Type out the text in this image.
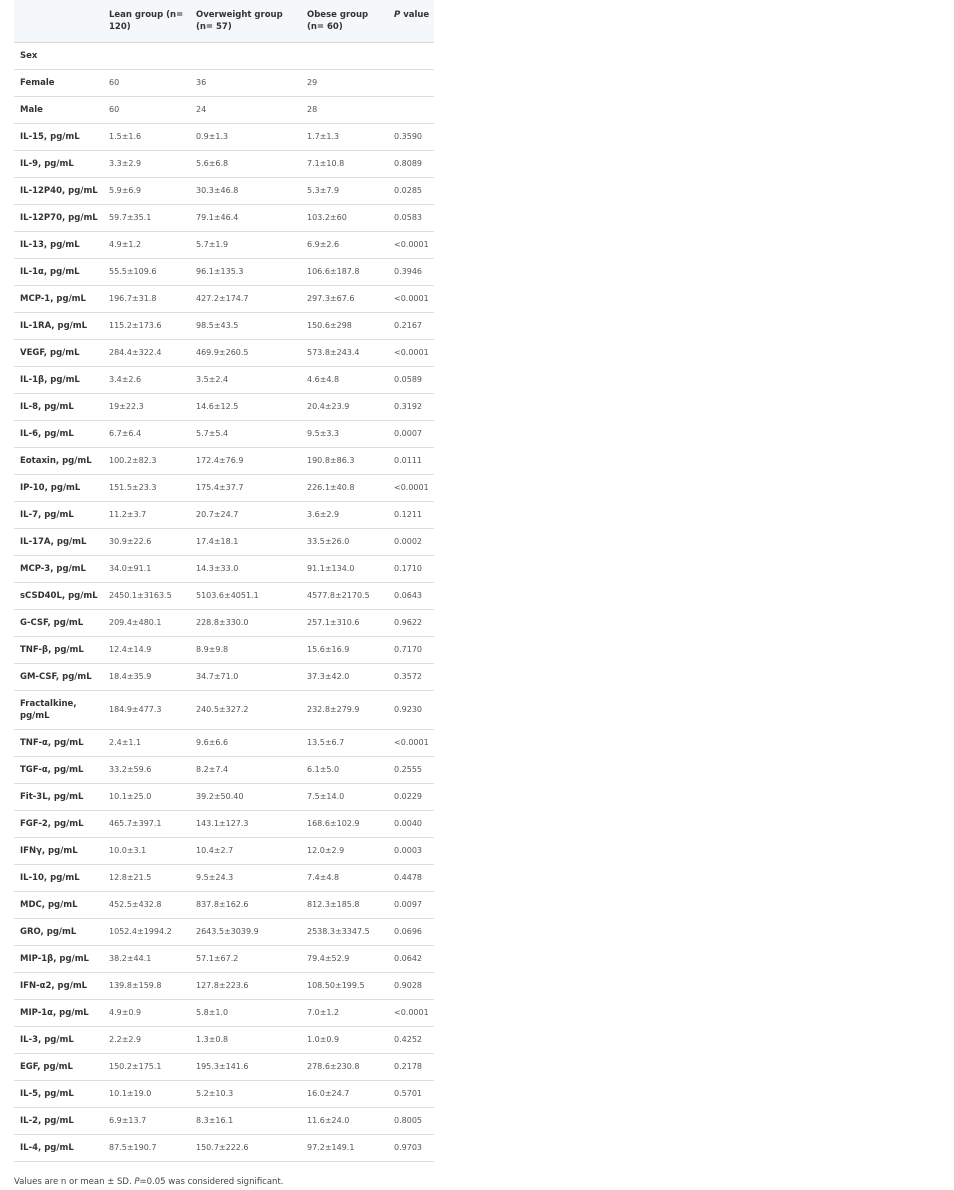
	Lean group (n= 120)	Overweight group (n= 57)	Obese group (n= 60)	P value
Sex				
Female	60	36	29	
Male	60	24	28	
IL-15, pg/mL	1.5±1.6	0.9±1.3	1.7±1.3	0.3590
IL-9, pg/mL	3.3±2.9	5.6±6.8	7.1±10.8	0.8089
IL-12P40, pg/mL	5.9±6.9	30.3±46.8	5.3±7.9	0.0285
IL-12P70, pg/mL	59.7±35.1	79.1±46.4	103.2±60	0.0583
IL-13, pg/mL	4.9±1.2	5.7±1.9	6.9±2.6	<0.0001
IL-1α, pg/mL	55.5±109.6	96.1±135.3	106.6±187.8	0.3946
MCP-1, pg/mL	196.7±31.8	427.2±174.7	297.3±67.6	<0.0001
IL-1RA, pg/mL	115.2±173.6	98.5±43.5	150.6±298	0.2167
VEGF, pg/mL	284.4±322.4	469.9±260.5	573.8±243.4	<0.0001
IL-1β, pg/mL	3.4±2.6	3.5±2.4	4.6±4.8	0.0589
IL-8, pg/mL	19±22.3	14.6±12.5	20.4±23.9	0.3192
IL-6, pg/mL	6.7±6.4	5.7±5.4	9.5±3.3	0.0007
Eotaxin, pg/mL	100.2±82.3	172.4±76.9	190.8±86.3	0.0111
IP-10, pg/mL	151.5±23.3	175.4±37.7	226.1±40.8	<0.0001
IL-7, pg/mL	11.2±3.7	20.7±24.7	3.6±2.9	0.1211
IL-17A, pg/mL	30.9±22.6	17.4±18.1	33.5±26.0	0.0002
MCP-3, pg/mL	34.0±91.1	14.3±33.0	91.1±134.0	0.1710
sCSD40L, pg/mL	2450.1±3163.5	5103.6±4051.1	4577.8±2170.5	0.0643
G-CSF, pg/mL	209.4±480.1	228.8±330.0	257.1±310.6	0.9622
TNF-β, pg/mL	12.4±14.9	8.9±9.8	15.6±16.9	0.7170
GM-CSF, pg/mL	18.4±35.9	34.7±71.0	37.3±42.0	0.3572
Fractalkine, pg/mL	184.9±477.3	240.5±327.2	232.8±279.9	0.9230
TNF-α, pg/mL	2.4±1.1	9.6±6.6	13.5±6.7	<0.0001
TGF-α, pg/mL	33.2±59.6	8.2±7.4	6.1±5.0	0.2555
Fit-3L, pg/mL	10.1±25.0	39.2±50.40	7.5±14.0	0.0229
FGF-2, pg/mL	465.7±397.1	143.1±127.3	168.6±102.9	0.0040
IFNγ, pg/mL	10.0±3.1	10.4±2.7	12.0±2.9	0.0003
IL-10, pg/mL	12.8±21.5	9.5±24.3	7.4±4.8	0.4478
MDC, pg/mL	452.5±432.8	837.8±162.6	812.3±185.8	0.0097
GRO, pg/mL	1052.4±1994.2	2643.5±3039.9	2538.3±3347.5	0.0696
MIP-1β, pg/mL	38.2±44.1	57.1±67.2	79.4±52.9	0.0642
IFN-α2, pg/mL	139.8±159.8	127.8±223.6	108.50±199.5	0.9028
MIP-1α, pg/mL	4.9±0.9	5.8±1.0	7.0±1.2	<0.0001
IL-3, pg/mL	2.2±2.9	1.3±0.8	1.0±0.9	0.4252
EGF, pg/mL	150.2±175.1	195.3±141.6	278.6±230.8	0.2178
IL-5, pg/mL	10.1±19.0	5.2±10.3	16.0±24.7	0.5701
IL-2, pg/mL	6.9±13.7	8.3±16.1	11.6±24.0	0.8005
IL-4, pg/mL	87.5±190.7	150.7±222.6	97.2±149.1	0.9703
Values are n or mean ± SD. P=0.05 was considered significant.
